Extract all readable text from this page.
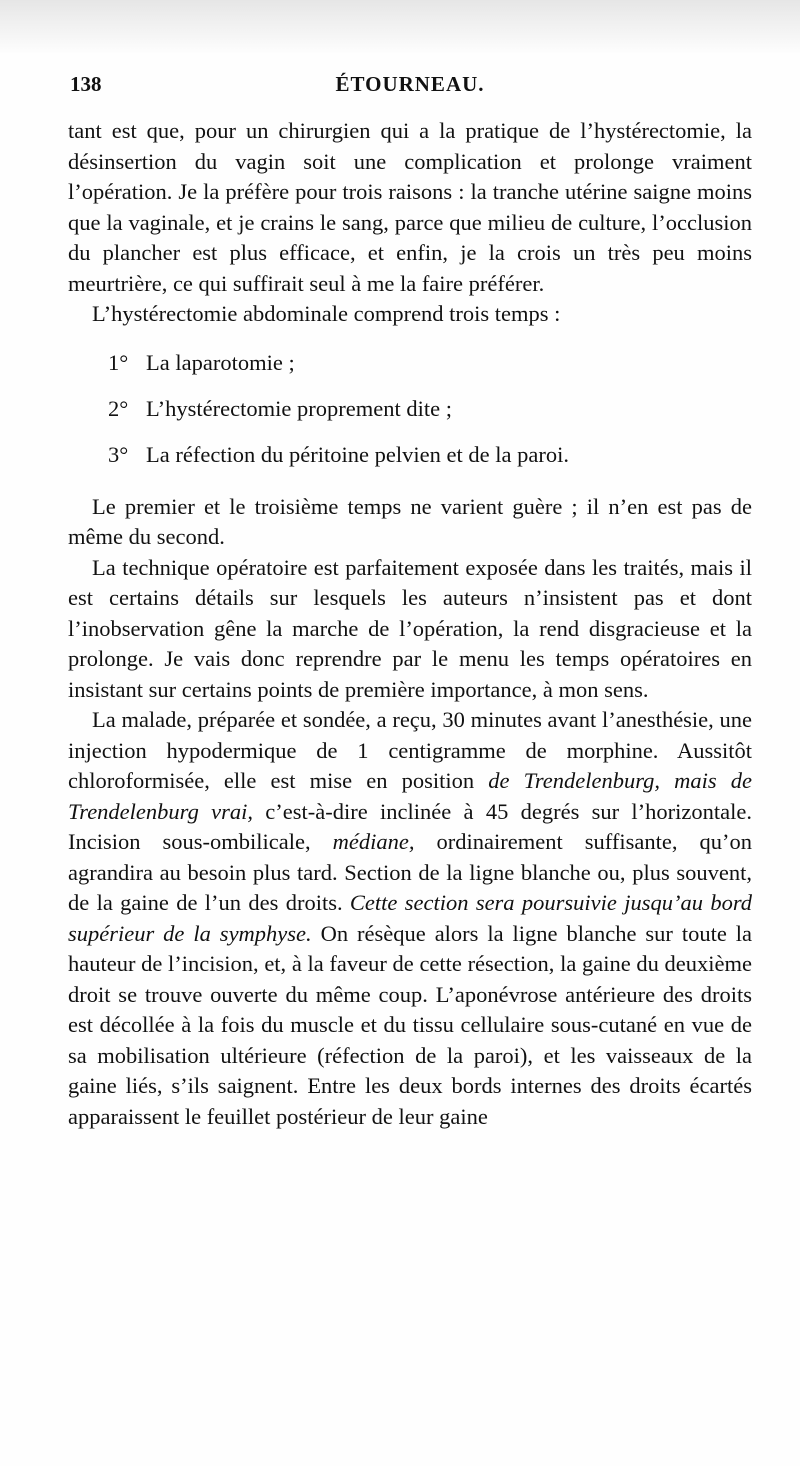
138	ÉTOURNEAU.

tant est que, pour un chirurgien qui a la pratique de l’hystérectomie, la désinsertion du vagin soit une complication et prolonge vraiment l’opération. Je la préfère pour trois raisons : la tranche utérine saigne moins que la vaginale, et je crains le sang, parce que milieu de culture, l’occlusion du plancher est plus efficace, et enfin, je la crois un très peu moins meurtrière, ce qui suffirait seul à me la faire préférer.

L’hystérectomie abdominale comprend trois temps :

1° La laparotomie ;
2° L’hystérectomie proprement dite ;
3° La réfection du péritoine pelvien et de la paroi.

Le premier et le troisième temps ne varient guère ; il n’en est pas de même du second.

La technique opératoire est parfaitement exposée dans les traités, mais il est certains détails sur lesquels les auteurs n’insistent pas et dont l’inobservation gêne la marche de l’opération, la rend disgracieuse et la prolonge. Je vais donc reprendre par le menu les temps opératoires en insistant sur certains points de première importance, à mon sens.

La malade, préparée et sondée, a reçu, 30 minutes avant l’anesthésie, une injection hypodermique de 1 centigramme de morphine. Aussitôt chloroformisée, elle est mise en position de Trendelenburg, mais de Trendelenburg vrai, c’est-à-dire inclinée à 45 degrés sur l’horizontale. Incision sous-ombilicale, médiane, ordinairement suffisante, qu’on agrandira au besoin plus tard. Section de la ligne blanche ou, plus souvent, de la gaine de l’un des droits. Cette section sera poursuivie jusqu’au bord supérieur de la symphyse. On résèque alors la ligne blanche sur toute la hauteur de l’incision, et, à la faveur de cette résection, la gaine du deuxième droit se trouve ouverte du même coup. L’aponévrose antérieure des droits est décollée à la fois du muscle et du tissu cellulaire sous-cutané en vue de sa mobilisation ultérieure (réfection de la paroi), et les vaisseaux de la gaine liés, s’ils saignent. Entre les deux bords internes des droits écartés apparaissent le feuillet postérieur de leur gaine
